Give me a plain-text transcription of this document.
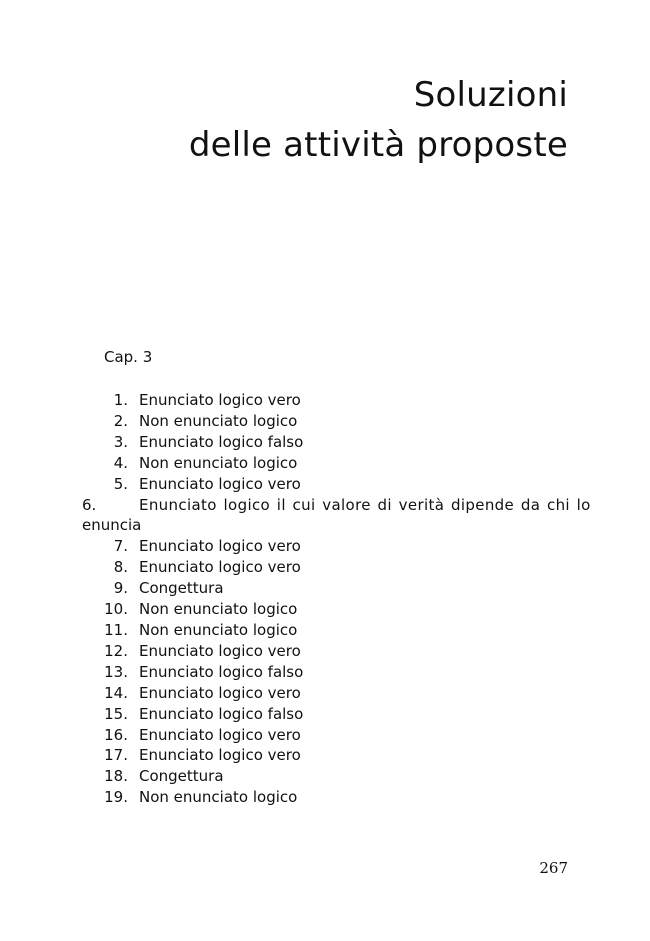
Soluzioni
delle attività proposte
Cap. 3
1. Enunciato logico vero
2. Non enunciato logico
3. Enunciato logico falso
4. Non enunciato logico
5. Enunciato logico vero
6.	Enunciato logico il cui valore di verità dipende da chi lo
enuncia
7. Enunciato logico vero
8. Enunciato logico vero
9. Congettura
10. Non enunciato logico
11. Non enunciato logico
12. Enunciato logico vero
13. Enunciato logico falso
14. Enunciato logico vero
15. Enunciato logico falso
16. Enunciato logico vero
17. Enunciato logico vero
18. Congettura
19. Non enunciato logico
267
